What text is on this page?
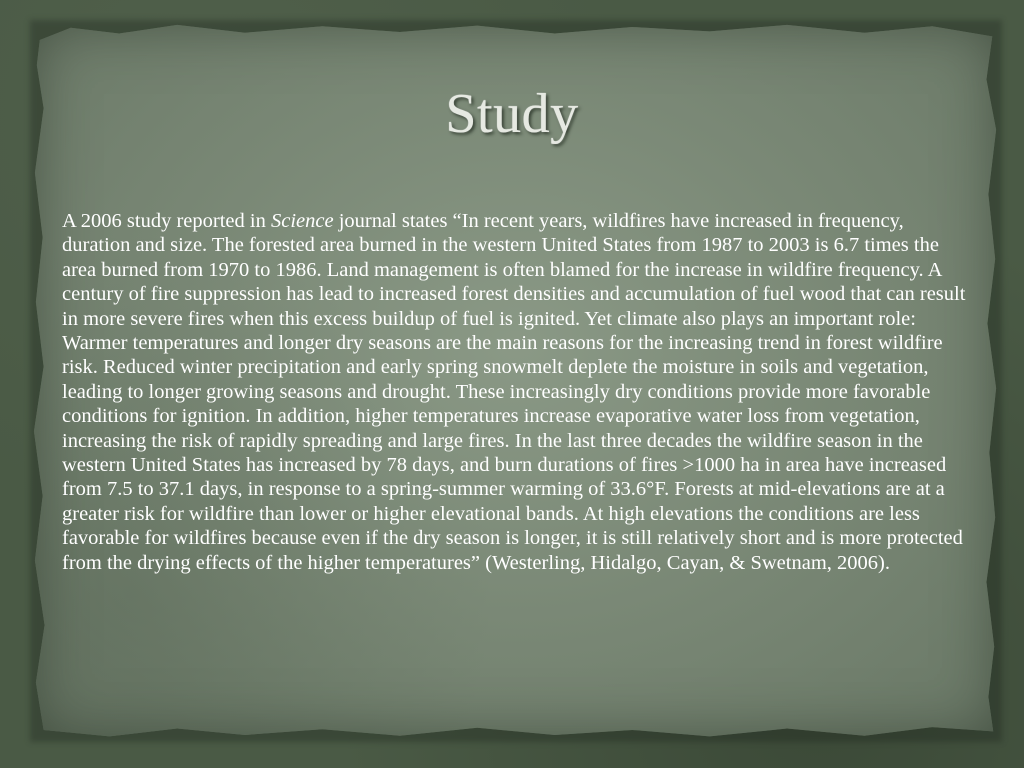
Study

A 2006 study reported in Science journal states “In recent years, wildfires have increased in frequency, duration and size. The forested area burned in the western United States from 1987 to 2003 is 6.7 times the area burned from 1970 to 1986. Land management is often blamed for the increase in wildfire frequency. A century of fire suppression has lead to increased forest densities and accumulation of fuel wood that can result in more severe fires when this excess buildup of fuel is ignited. Yet climate also plays an important role: Warmer temperatures and longer dry seasons are the main reasons for the increasing trend in forest wildfire risk. Reduced winter precipitation and early spring snowmelt deplete the moisture in soils and vegetation, leading to longer growing seasons and drought. These increasingly dry conditions provide more favorable conditions for ignition. In addition, higher temperatures increase evaporative water loss from vegetation, increasing the risk of rapidly spreading and large fires. In the last three decades the wildfire season in the western United States has increased by 78 days, and burn durations of fires >1000 ha in area have increased from 7.5 to 37.1 days, in response to a spring-summer warming of 33.6°F. Forests at mid-elevations are at a greater risk for wildfire than lower or higher elevational bands. At high elevations the conditions are less favorable for wildfires because even if the dry season is longer, it is still relatively short and is more protected from the drying effects of the higher temperatures” (Westerling, Hidalgo, Cayan, & Swetnam, 2006).
